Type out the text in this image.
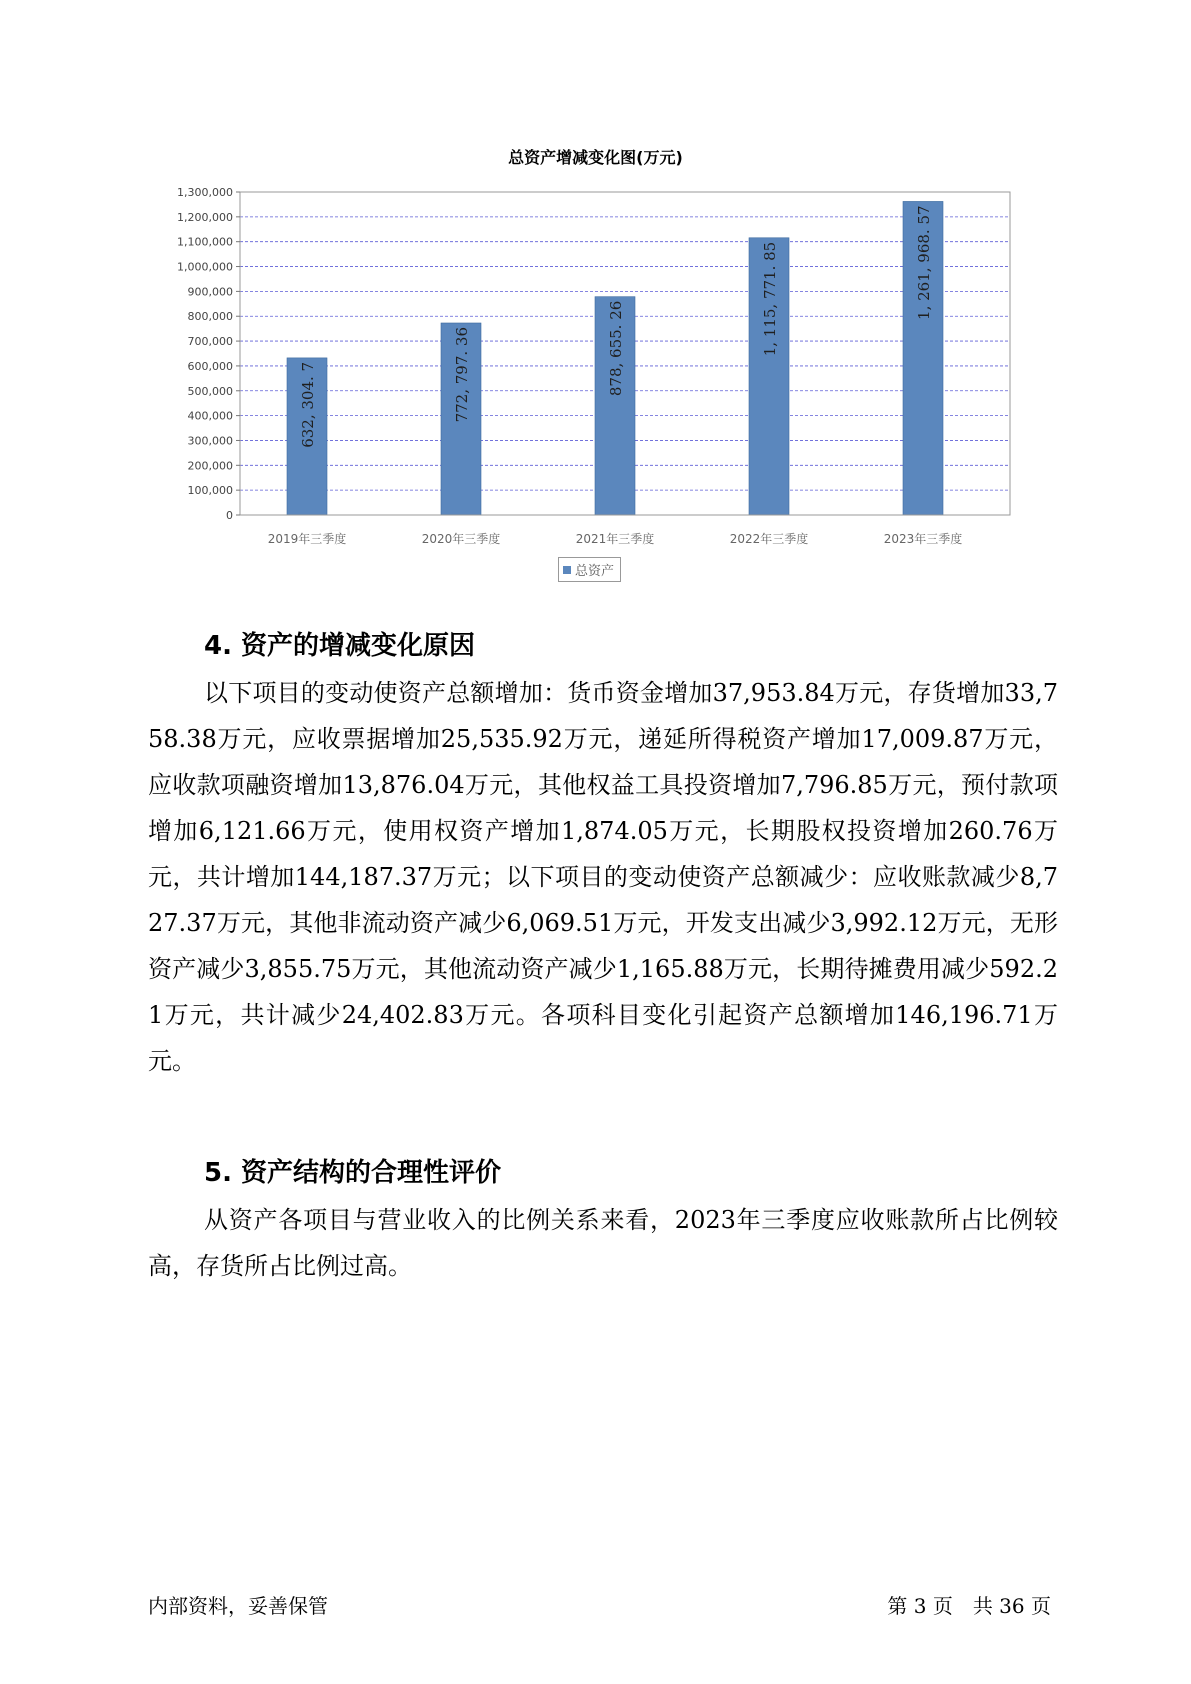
总资产增减变化图(万元)
632, 304. 7	772, 797. 36	878, 655. 26	1, 115, 771. 85	1, 261, 968. 57
0
100,000
200,000
300,000
400,000
500,000
600,000
700,000
800,000
900,000
1,000,000
1,100,000
1,200,000
1,300,000
2019年三季度	2020年三季度	2021年三季度	2022年三季度	2023年三季度
总资产
4. 资产的增减变化原因

以下项目的变动使资产总额增加：货币资金增加37,953.84万元，存货增加33,758.38万元，应收票据增加25,535.92万元，递延所得税资产增加17,009.87万元，应收款项融资增加13,876.04万元，其他权益工具投资增加7,796.85万元，预付款项增加6,121.66万元，使用权资产增加1,874.05万元，长期股权投资增加260.76万元，共计增加144,187.37万元；以下项目的变动使资产总额减少：应收账款减少8,727.37万元，其他非流动资产减少6,069.51万元，开发支出减少3,992.12万元，无形资产减少3,855.75万元，其他流动资产减少1,165.88万元，长期待摊费用减少592.21万元，共计减少24,402.83万元。各项科目变化引起资产总额增加146,196.71万元。

5. 资产结构的合理性评价

从资产各项目与营业收入的比例关系来看，2023年三季度应收账款所占比例较高，存货所占比例过高。

内部资料，妥善保管	第 3 页　共 36 页
